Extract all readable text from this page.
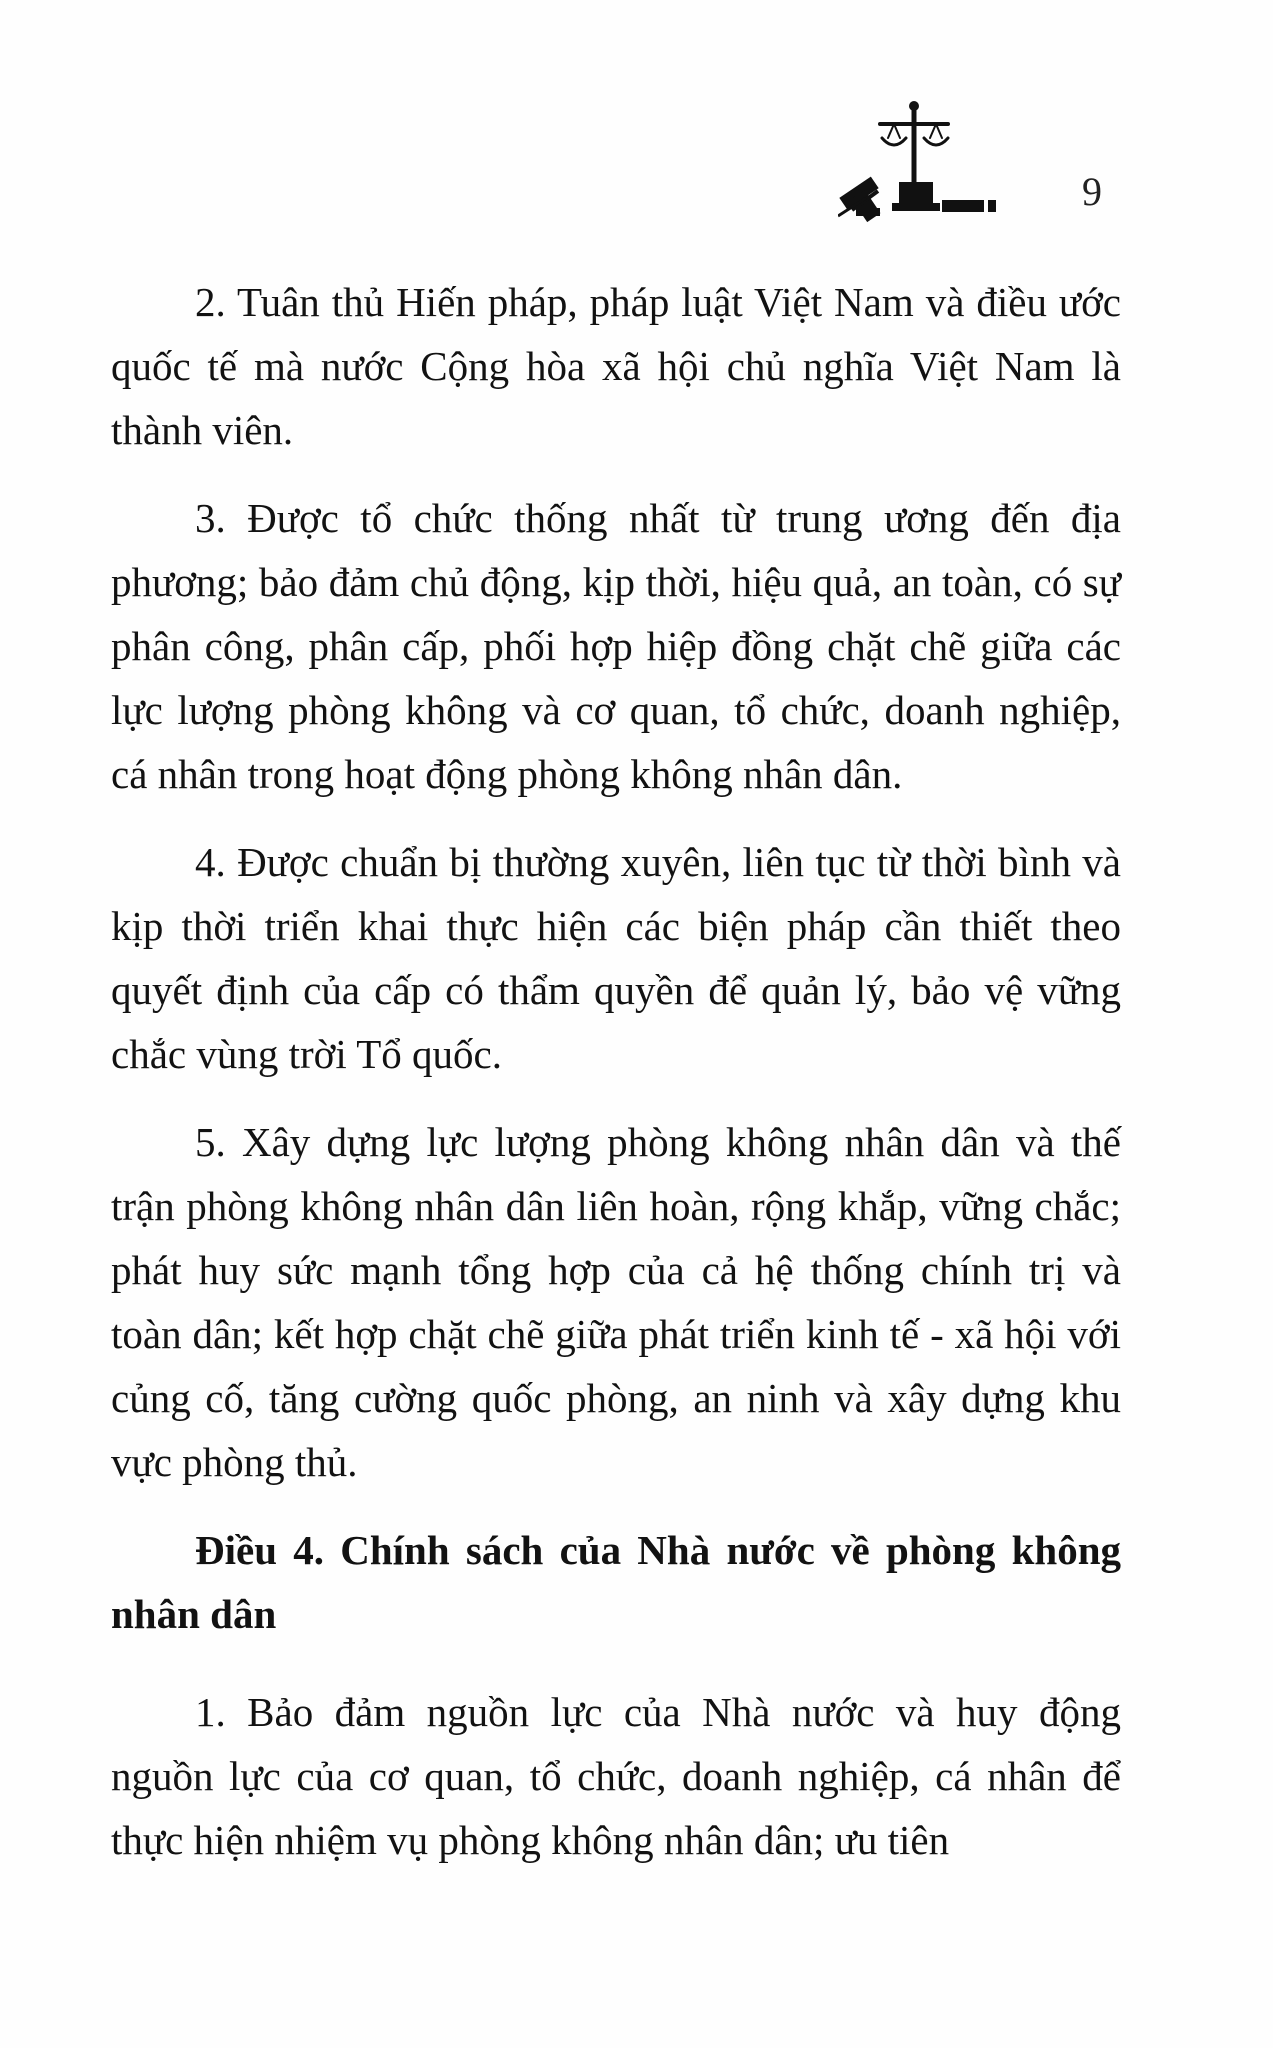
9

2. Tuân thủ Hiến pháp, pháp luật Việt Nam và điều ước quốc tế mà nước Cộng hòa xã hội chủ nghĩa Việt Nam là thành viên.

3. Được tổ chức thống nhất từ trung ương đến địa phương; bảo đảm chủ động, kịp thời, hiệu quả, an toàn, có sự phân công, phân cấp, phối hợp hiệp đồng chặt chẽ giữa các lực lượng phòng không và cơ quan, tổ chức, doanh nghiệp, cá nhân trong hoạt động phòng không nhân dân.

4. Được chuẩn bị thường xuyên, liên tục từ thời bình và kịp thời triển khai thực hiện các biện pháp cần thiết theo quyết định của cấp có thẩm quyền để quản lý, bảo vệ vững chắc vùng trời Tổ quốc.

5. Xây dựng lực lượng phòng không nhân dân và thế trận phòng không nhân dân liên hoàn, rộng khắp, vững chắc; phát huy sức mạnh tổng hợp của cả hệ thống chính trị và toàn dân; kết hợp chặt chẽ giữa phát triển kinh tế - xã hội với củng cố, tăng cường quốc phòng, an ninh và xây dựng khu vực phòng thủ.

Điều 4. Chính sách của Nhà nước về phòng không nhân dân

1. Bảo đảm nguồn lực của Nhà nước và huy động nguồn lực của cơ quan, tổ chức, doanh nghiệp, cá nhân để thực hiện nhiệm vụ phòng không nhân dân; ưu tiên
